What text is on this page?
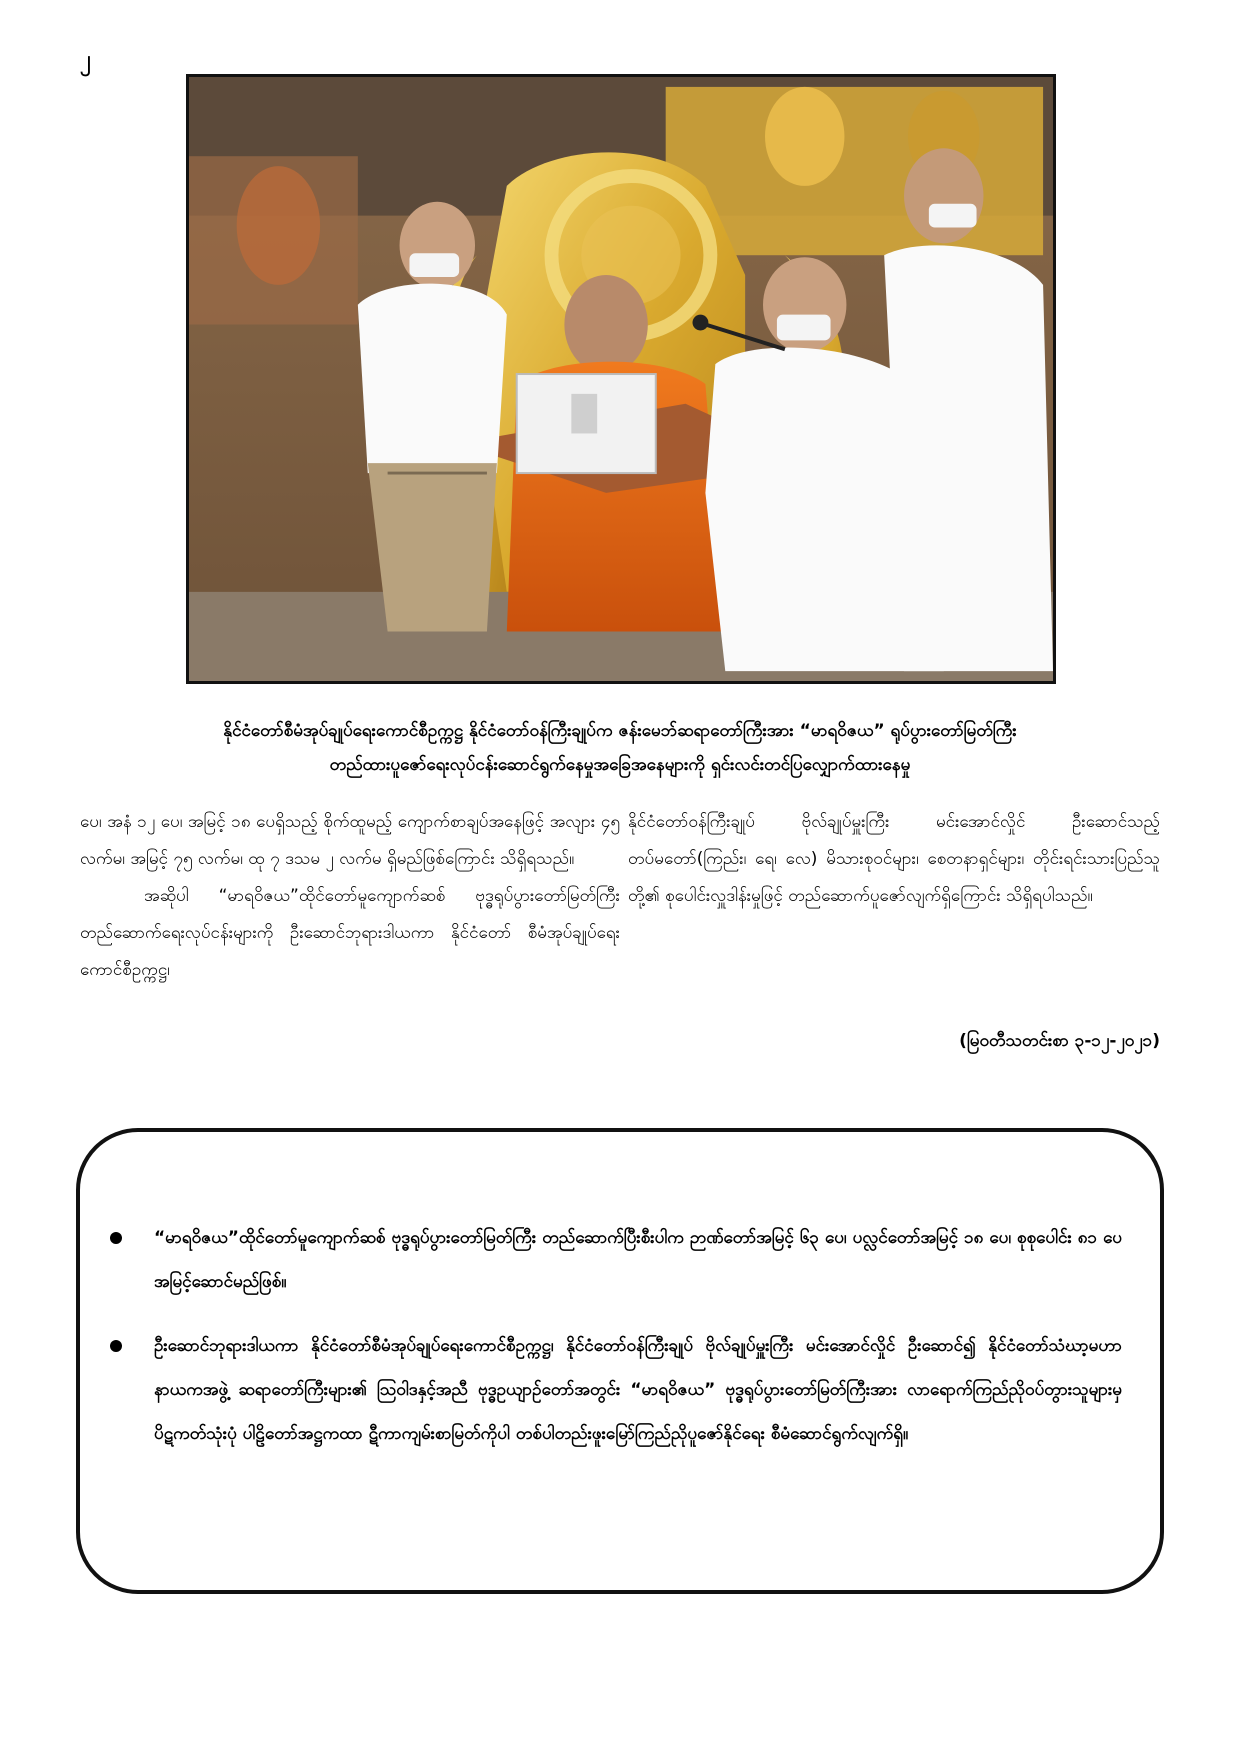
၂
နိုင်ငံတော်စီမံအုပ်ချုပ်ရေးကောင်စီဥက္ကဋ္ဌ နိုင်ငံတော်ဝန်ကြီးချုပ်က ဇန်းမေဘ်ဆရာတော်ကြီးအား “မာရဝိဇယ” ရုပ်ပွားတော်မြတ်ကြီး
တည်ထားပူဇော်ရေးလုပ်ငန်းဆောင်ရွက်နေမှုအခြေအနေများကို ရှင်းလင်းတင်ပြလျှောက်ထားနေမှု

ပေ၊ အနံ ၁၂ ပေ၊ အမြင့် ၁၈ ပေရှိသည့် စိုက်ထူမည့် ကျောက်စာချပ်အနေဖြင့် အလျား ၄၅ လက်မ၊ အမြင့် ၇၅ လက်မ၊ ထု ၇ ဒသမ ၂ လက်မ ရှိမည်ဖြစ်ကြောင်း သိရှိရသည်။

အဆိုပါ “မာရဝိဇယ”ထိုင်တော်မူကျောက်ဆစ် ဗုဒ္ဓရုပ်ပွားတော်မြတ်ကြီး တည်ဆောက်ရေးလုပ်ငန်းများကို ဦးဆောင်ဘုရားဒါယကာ နိုင်ငံတော် စီမံအုပ်ချုပ်ရေးကောင်စီဥက္ကဋ္ဌ၊

နိုင်ငံတော်ဝန်ကြီးချုပ် ဗိုလ်ချုပ်မှူးကြီး မင်းအောင်လှိုင် ဦးဆောင်သည့် တပ်မတော်(ကြည်း၊ ရေ၊ လေ) မိသားစုဝင်များ၊ စေတနာရှင်များ၊ တိုင်းရင်းသားပြည်သူတို့၏ စုပေါင်းလှူဒါန်းမှုဖြင့် တည်ဆောက်ပူဇော်လျက်ရှိကြောင်း သိရှိရပါသည်။

(မြဝတီသတင်းစာ ၃-၁၂-၂၀၂၁)
“မာရဝိဇယ”ထိုင်တော်မူကျောက်ဆစ် ဗုဒ္ဓရုပ်ပွားတော်မြတ်ကြီး တည်ဆောက်ပြီးစီးပါက ဉာဏ်တော်အမြင့် ၆၃ ပေ၊ ပလ္လင်တော်အမြင့် ၁၈ ပေ၊ စုစုပေါင်း ၈၁ ပေ အမြင့်ဆောင်မည်ဖြစ်။
ဦးဆောင်ဘုရားဒါယကာ နိုင်ငံတော်စီမံအုပ်ချုပ်ရေးကောင်စီဥက္ကဋ္ဌ၊ နိုင်ငံတော်ဝန်ကြီးချုပ် ဗိုလ်ချုပ်မှူးကြီး မင်းအောင်လှိုင် ဦးဆောင်၍ နိုင်ငံတော်သံဃာ့မဟာနာယကအဖွဲ့ ဆရာတော်ကြီးများ၏ ဩဝါဒနှင့်အညီ ဗုဒ္ဓဥယျာဉ်တော်အတွင်း “မာရဝိဇယ” ဗုဒ္ဓရုပ်ပွားတော်မြတ်ကြီးအား လာရောက်ကြည်ညိုဝပ်တွားသူများမှ ပိဋကတ်သုံးပုံ ပါဠိတော်အဋ္ဌကထာ ဋီကာကျမ်းစာမြတ်ကိုပါ တစ်ပါတည်းဖူးမြော်ကြည်ညိုပူဇော်နိုင်ရေး စီမံဆောင်ရွက်လျက်ရှိ။
